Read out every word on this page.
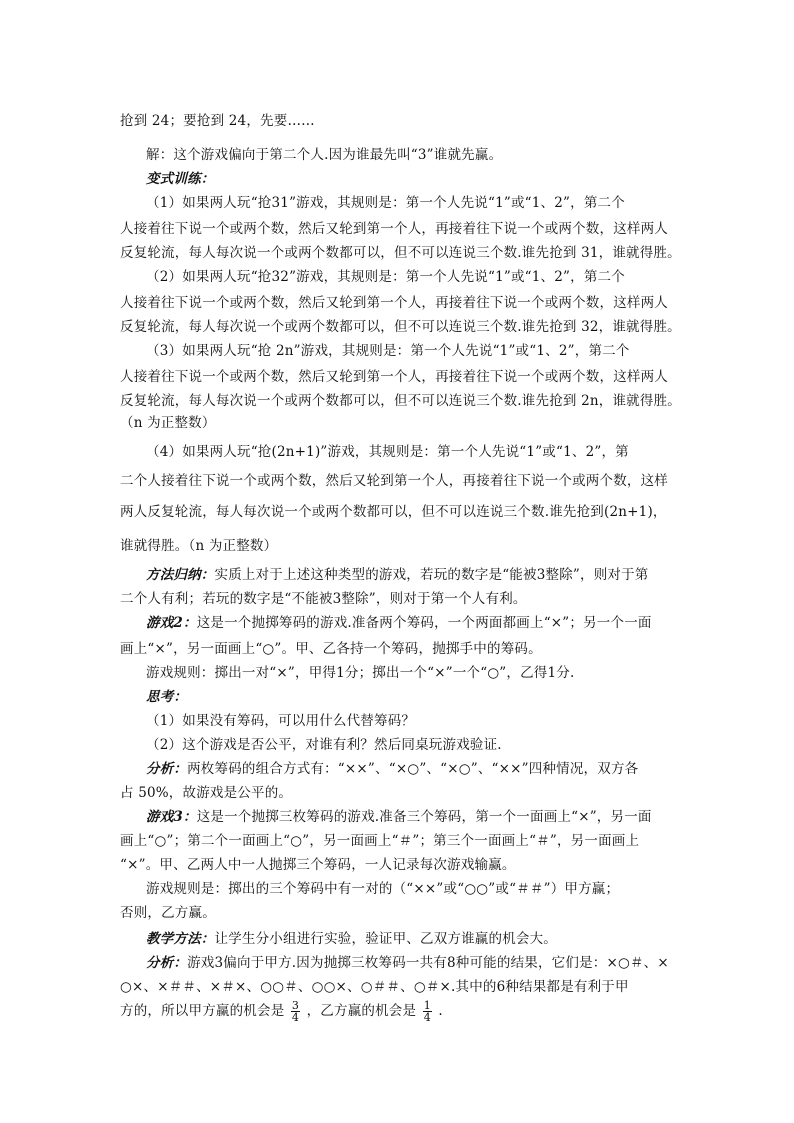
抢到 24；要抢到 24，先要……
解：这个游戏偏向于第二个人.因为谁最先叫“3”谁就先赢。
变式训练：
（1）如果两人玩“抢31”游戏，其规则是：第一个人先说“1”或“1、2”，第二个
人接着往下说一个或两个数，然后又轮到第一个人，再接着往下说一个或两个数，这样两人
反复轮流，每人每次说一个或两个数都可以，但不可以连说三个数.谁先抢到 31，谁就得胜。
（2）如果两人玩“抢32”游戏，其规则是：第一个人先说“1”或“1、2”，第二个
人接着往下说一个或两个数，然后又轮到第一个人，再接着往下说一个或两个数，这样两人
反复轮流，每人每次说一个或两个数都可以，但不可以连说三个数.谁先抢到 32，谁就得胜。
（3）如果两人玩“抢 2n”游戏，其规则是：第一个人先说“1”或“1、2”，第二个
人接着往下说一个或两个数，然后又轮到第一个人，再接着往下说一个或两个数，这样两人
反复轮流，每人每次说一个或两个数都可以，但不可以连说三个数.谁先抢到 2n，谁就得胜。
（n 为正整数）
（4）如果两人玩“抢(2n+1)”游戏，其规则是：第一个人先说“1”或“1、2”，第
二个人接着往下说一个或两个数，然后又轮到第一个人，再接着往下说一个或两个数，这样
两人反复轮流，每人每次说一个或两个数都可以，但不可以连说三个数.谁先抢到(2n+1)，
谁就得胜。（n 为正整数）
方法归纳：实质上对于上述这种类型的游戏，若玩的数字是“能被3整除”，则对于第
二个人有利；若玩的数字是“不能被3整除”，则对于第一个人有利。
游戏2：这是一个抛掷筹码的游戏.准备两个筹码，一个两面都画上“×”；另一个一面
画上“×”，另一面画上“○”。甲、乙各持一个筹码，抛掷手中的筹码。
游戏规则：掷出一对“×”，甲得1分；掷出一个“×”一个“○”，乙得1分.
思考：
（1）如果没有筹码，可以用什么代替筹码？
（2）这个游戏是否公平，对谁有利？然后同桌玩游戏验证.
分析：两枚筹码的组合方式有：“××”、“×○”、“×○”、“××”四种情况，双方各
占 50%，故游戏是公平的。
游戏3：这是一个抛掷三枚筹码的游戏.准备三个筹码，第一个一面画上“×”，另一面
画上“○”；第二个一面画上“○”，另一面画上“＃”；第三个一面画上“＃”，另一面画上
“×”。甲、乙两人中一人抛掷三个筹码，一人记录每次游戏输赢。
游戏规则是：掷出的三个筹码中有一对的（“××”或“○○”或“＃＃”）甲方赢；
否则，乙方赢。
教学方法：让学生分小组进行实验，验证甲、乙双方谁赢的机会大。
分析：游戏3偏向于甲方.因为抛掷三枚筹码一共有8种可能的结果，它们是：×○＃、×
○×、×＃＃、×＃×、○○＃、○○×、○＃＃、○＃×.其中的6种结果都是有利于甲
方的，所以甲方赢的机会是 $\frac{3}{4}$ ，乙方赢的机会是 $\frac{1}{4}$ .
